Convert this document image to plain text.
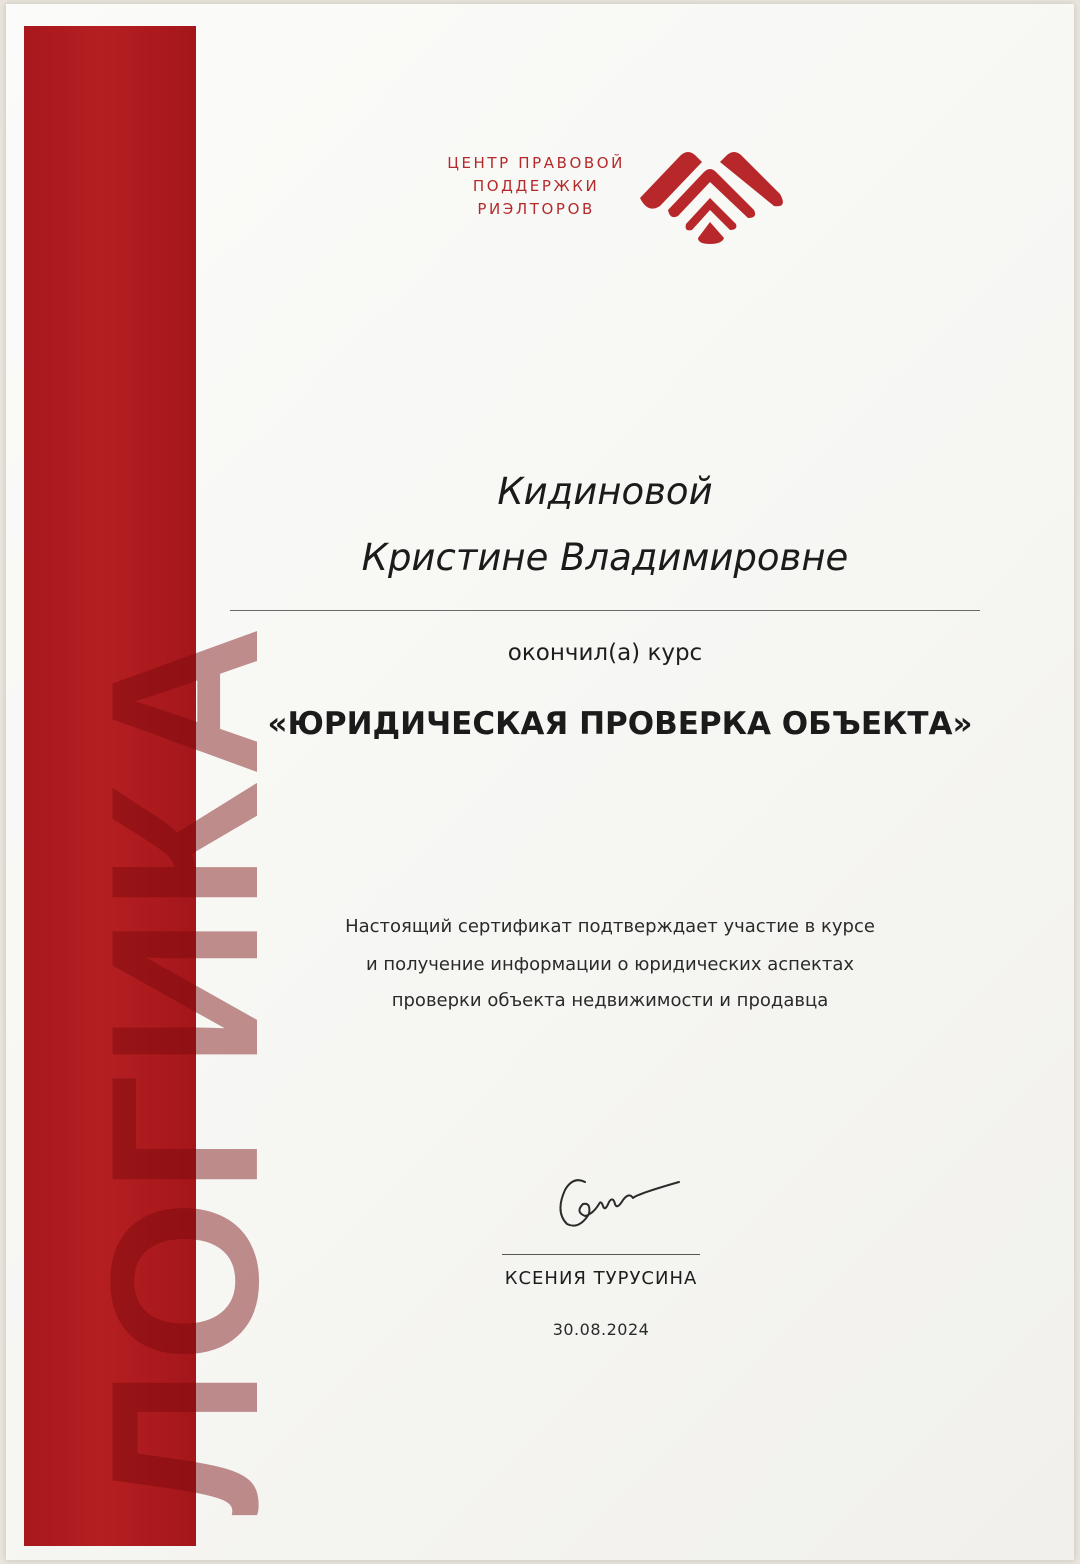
ЛОГИКА
ЦЕНТР ПРАВОВОЙ
ПОДДЕРЖКИ
РИЭЛТОРОВ
Кидиновой
Кристине Владимировне
окончил(а) курс
«ЮРИДИЧЕСКАЯ ПРОВЕРКА ОБЪЕКТА»
Настоящий сертификат подтверждает участие в курсе
и получение информации о юридических аспектах
проверки объекта недвижимости и продавца
КСЕНИЯ ТУРУСИНА
30.08.2024
